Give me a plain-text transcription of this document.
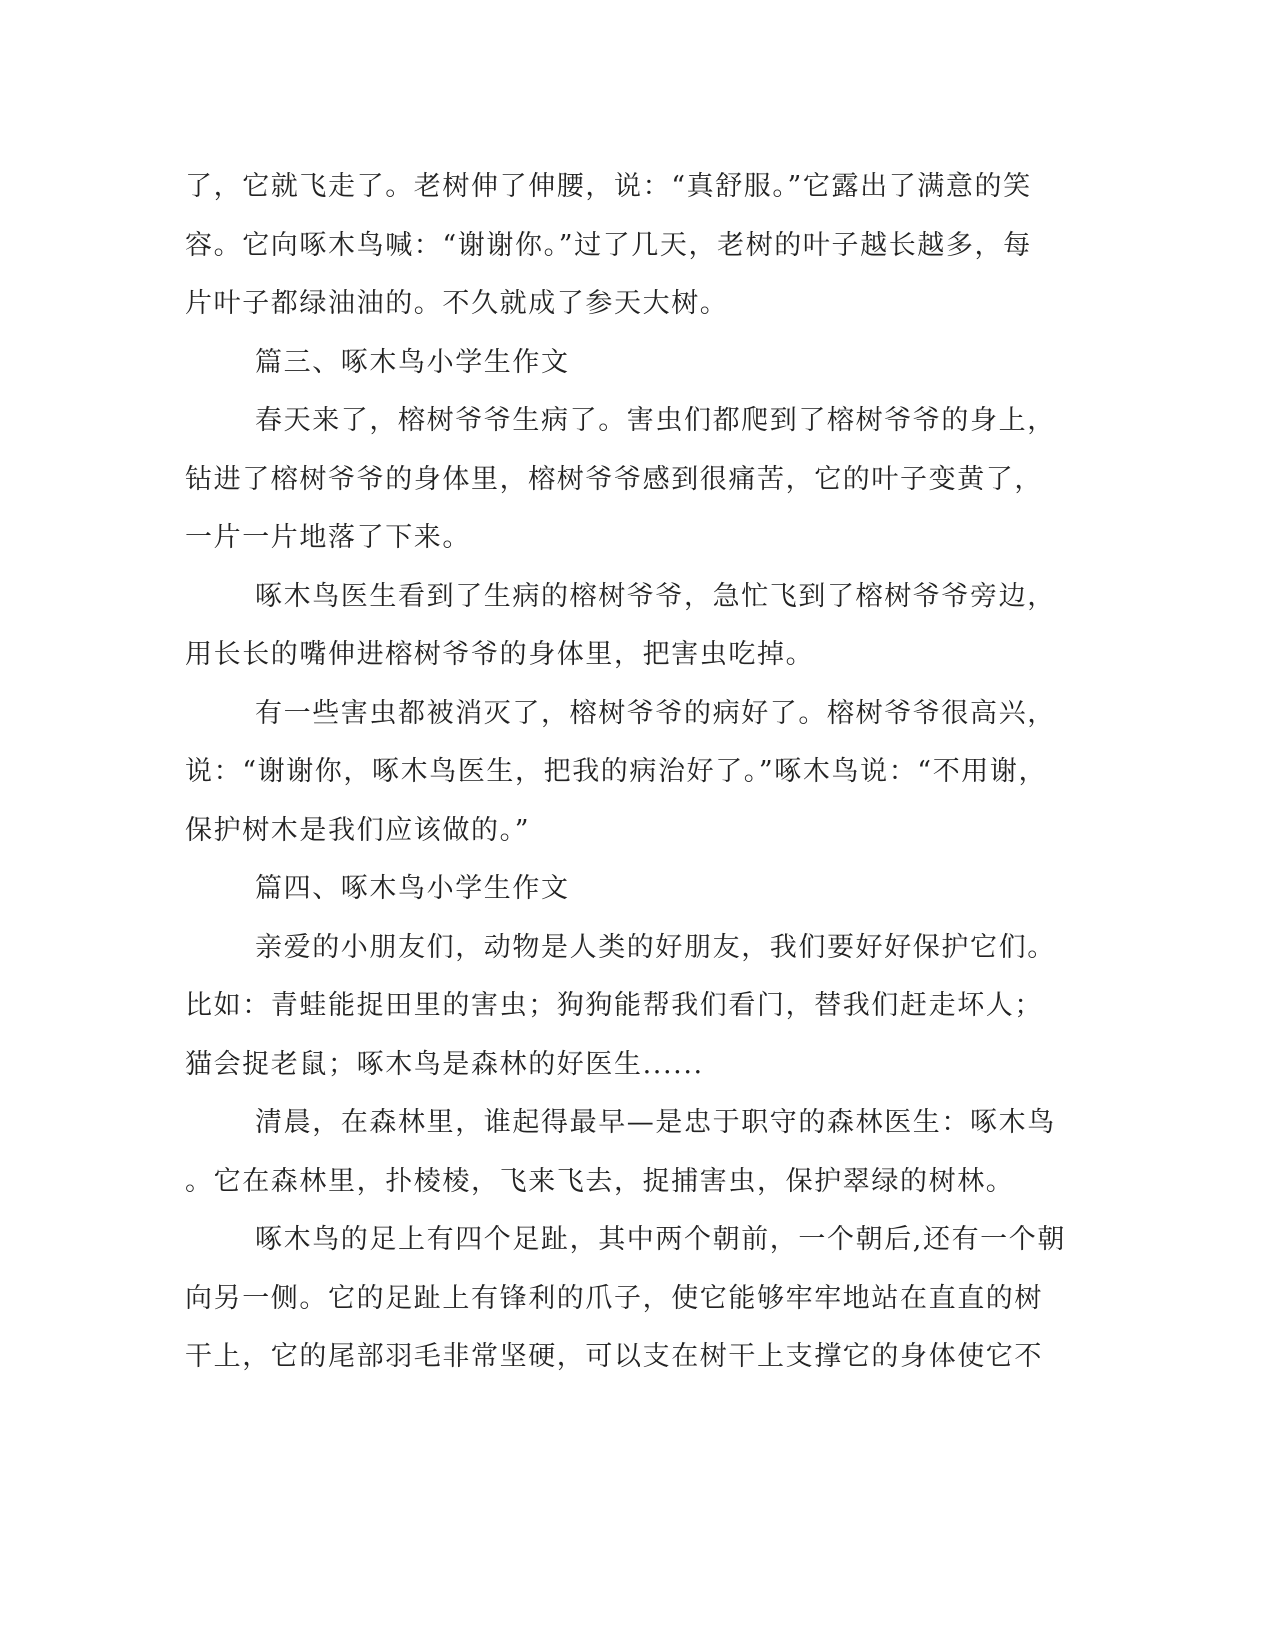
了，它就飞走了。老树伸了伸腰，说：“真舒服。”它露出了满意的笑
容。它向啄木鸟喊：“谢谢你。”过了几天，老树的叶子越长越多，每
片叶子都绿油油的。不久就成了参天大树。
篇三、啄木鸟小学生作文
春天来了，榕树爷爷生病了。害虫们都爬到了榕树爷爷的身上，
钻进了榕树爷爷的身体里，榕树爷爷感到很痛苦，它的叶子变黄了，
一片一片地落了下来。
啄木鸟医生看到了生病的榕树爷爷，急忙飞到了榕树爷爷旁边，
用长长的嘴伸进榕树爷爷的身体里，把害虫吃掉。
有一些害虫都被消灭了，榕树爷爷的病好了。榕树爷爷很高兴，
说：“谢谢你，啄木鸟医生，把我的病治好了。”啄木鸟说：“不用谢，
保护树木是我们应该做的。”
篇四、啄木鸟小学生作文
亲爱的小朋友们，动物是人类的好朋友，我们要好好保护它们。
比如：青蛙能捉田里的害虫；狗狗能帮我们看门，替我们赶走坏人；
猫会捉老鼠；啄木鸟是森林的好医生......
清晨，在森林里，谁起得最早—是忠于职守的森林医生：啄木鸟
。它在森林里，扑棱棱，飞来飞去，捉捕害虫，保护翠绿的树林。
啄木鸟的足上有四个足趾，其中两个朝前，一个朝后,还有一个朝
向另一侧。它的足趾上有锋利的爪子，使它能够牢牢地站在直直的树
干上，它的尾部羽毛非常坚硬，可以支在树干上支撑它的身体使它不
